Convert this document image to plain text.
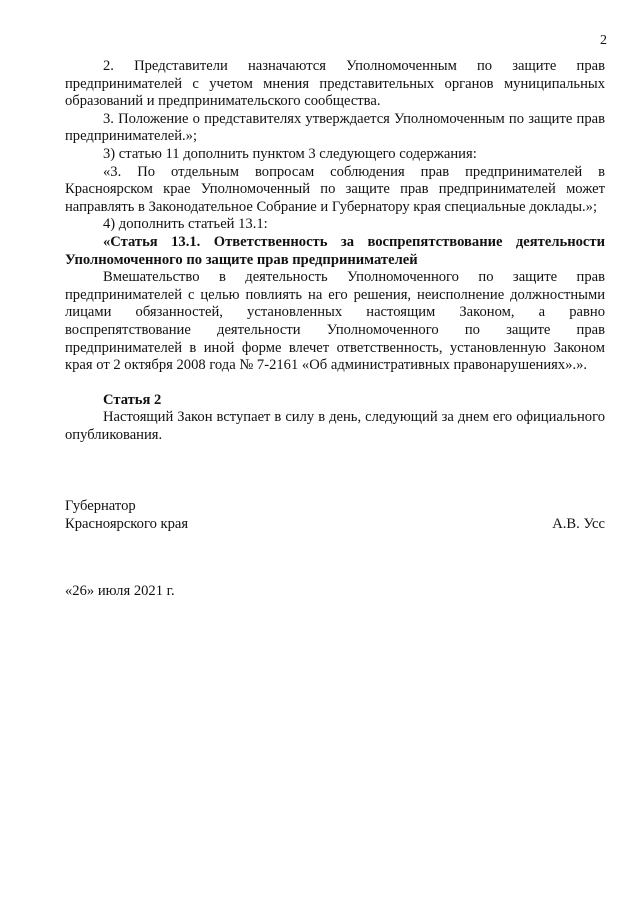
2

2. Представители назначаются Уполномоченным по защите прав предпринимателей с учетом мнения представительных органов муниципальных образований и предпринимательского сообщества.

3. Положение о представителях утверждается Уполномоченным по защите прав предпринимателей.»;

3) статью 11 дополнить пунктом 3 следующего содержания:

«3. По отдельным вопросам соблюдения прав предпринимателей в Красноярском крае Уполномоченный по защите прав предпринимателей может направлять в Законодательное Собрание и Губернатору края специальные доклады.»;

4) дополнить статьей 13.1:

«Статья 13.1. Ответственность за воспрепятствование деятельности Уполномоченного по защите прав предпринимателей

Вмешательство в деятельность Уполномоченного по защите прав предпринимателей с целью повлиять на его решения, неисполнение должностными лицами обязанностей, установленных настоящим Законом, а равно воспрепятствование деятельности Уполномоченного по защите прав предпринимателей в иной форме влечет ответственность, установленную Законом края от 2 октября 2008 года № 7-2161 «Об административных правонарушениях».».

Статья 2

Настоящий Закон вступает в силу в день, следующий за днем его официального опубликования.

Губернатор
Красноярского края	А.В. Усс
«26» июля 2021 г.
